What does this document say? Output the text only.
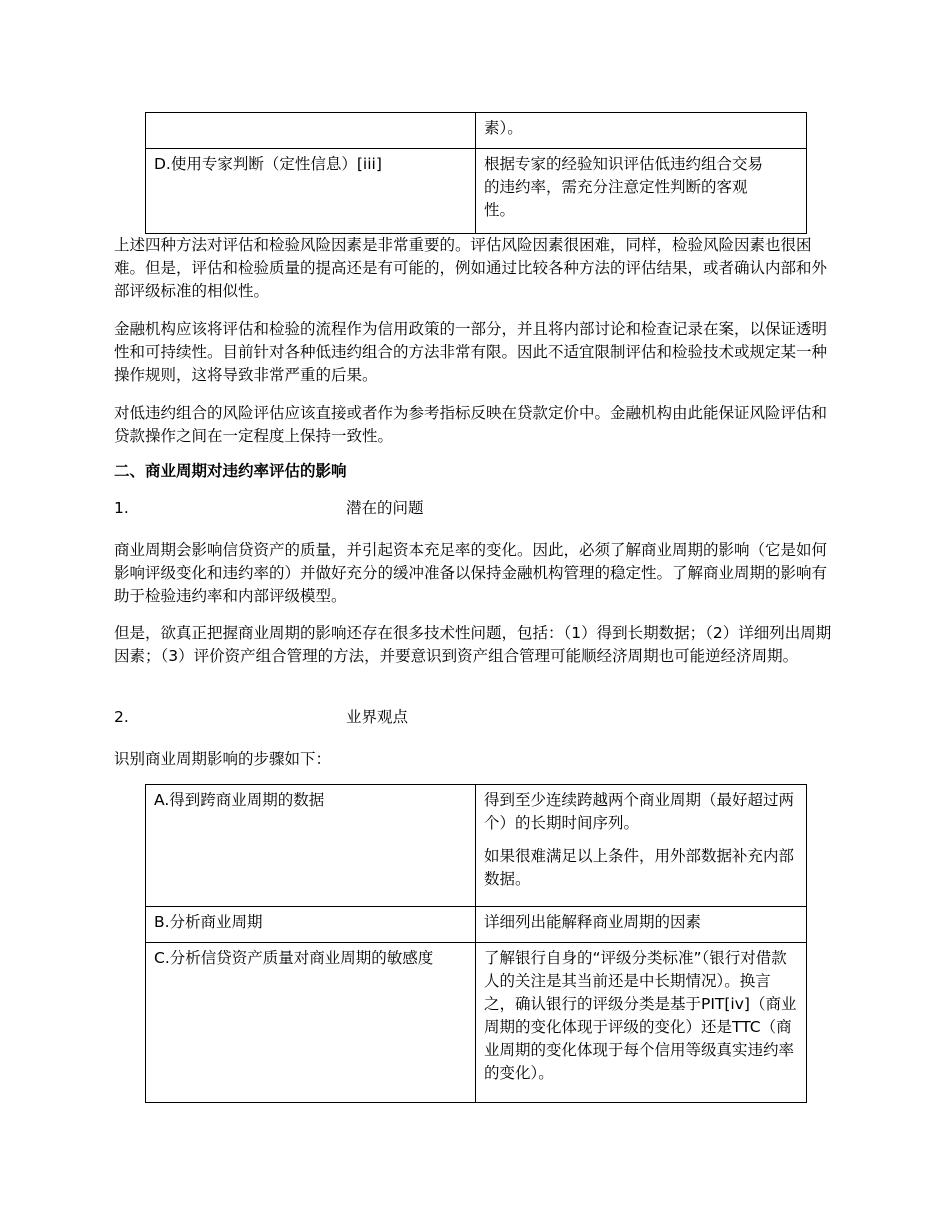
	素）。

D.使用专家判断（定性信息）[iii]	根据专家的经验知识评估低违约组合交易的违约率，需充分注意定性判断的客观性。

上述四种方法对评估和检验风险因素是非常重要的。评估风险因素很困难，同样，检验风险因素也很困难。但是，评估和检验质量的提高还是有可能的，例如通过比较各种方法的评估结果，或者确认内部和外部评级标准的相似性。

金融机构应该将评估和检验的流程作为信用政策的一部分，并且将内部讨论和检查记录在案，以保证透明性和可持续性。目前针对各种低违约组合的方法非常有限。因此不适宜限制评估和检验技术或规定某一种操作规则，这将导致非常严重的后果。

对低违约组合的风险评估应该直接或者作为参考指标反映在贷款定价中。金融机构由此能保证风险评估和贷款操作之间在一定程度上保持一致性。

二、商业周期对违约率评估的影响

1.	潜在的问题

商业周期会影响信贷资产的质量，并引起资本充足率的变化。因此，必须了解商业周期的影响（它是如何影响评级变化和违约率的）并做好充分的缓冲准备以保持金融机构管理的稳定性。了解商业周期的影响有助于检验违约率和内部评级模型。

但是，欲真正把握商业周期的影响还存在很多技术性问题，包括：（1）得到长期数据；（2）详细列出周期因素；（3）评价资产组合管理的方法，并要意识到资产组合管理可能顺经济周期也可能逆经济周期。

2.	业界观点

识别商业周期影响的步骤如下：

A.得到跨商业周期的数据	得到至少连续跨越两个商业周期（最好超过两个）的长期时间序列。

如果很难满足以上条件，用外部数据补充内部数据。

B.分析商业周期	详细列出能解释商业周期的因素

C.分析信贷资产质量对商业周期的敏感度	了解银行自身的“评级分类标准”（银行对借款人的关注是其当前还是中长期情况）。换言之，确认银行的评级分类是基于PIT[iv]（商业周期的变化体现于评级的变化）还是TTC（商业周期的变化体现于每个信用等级真实违约率的变化）。
